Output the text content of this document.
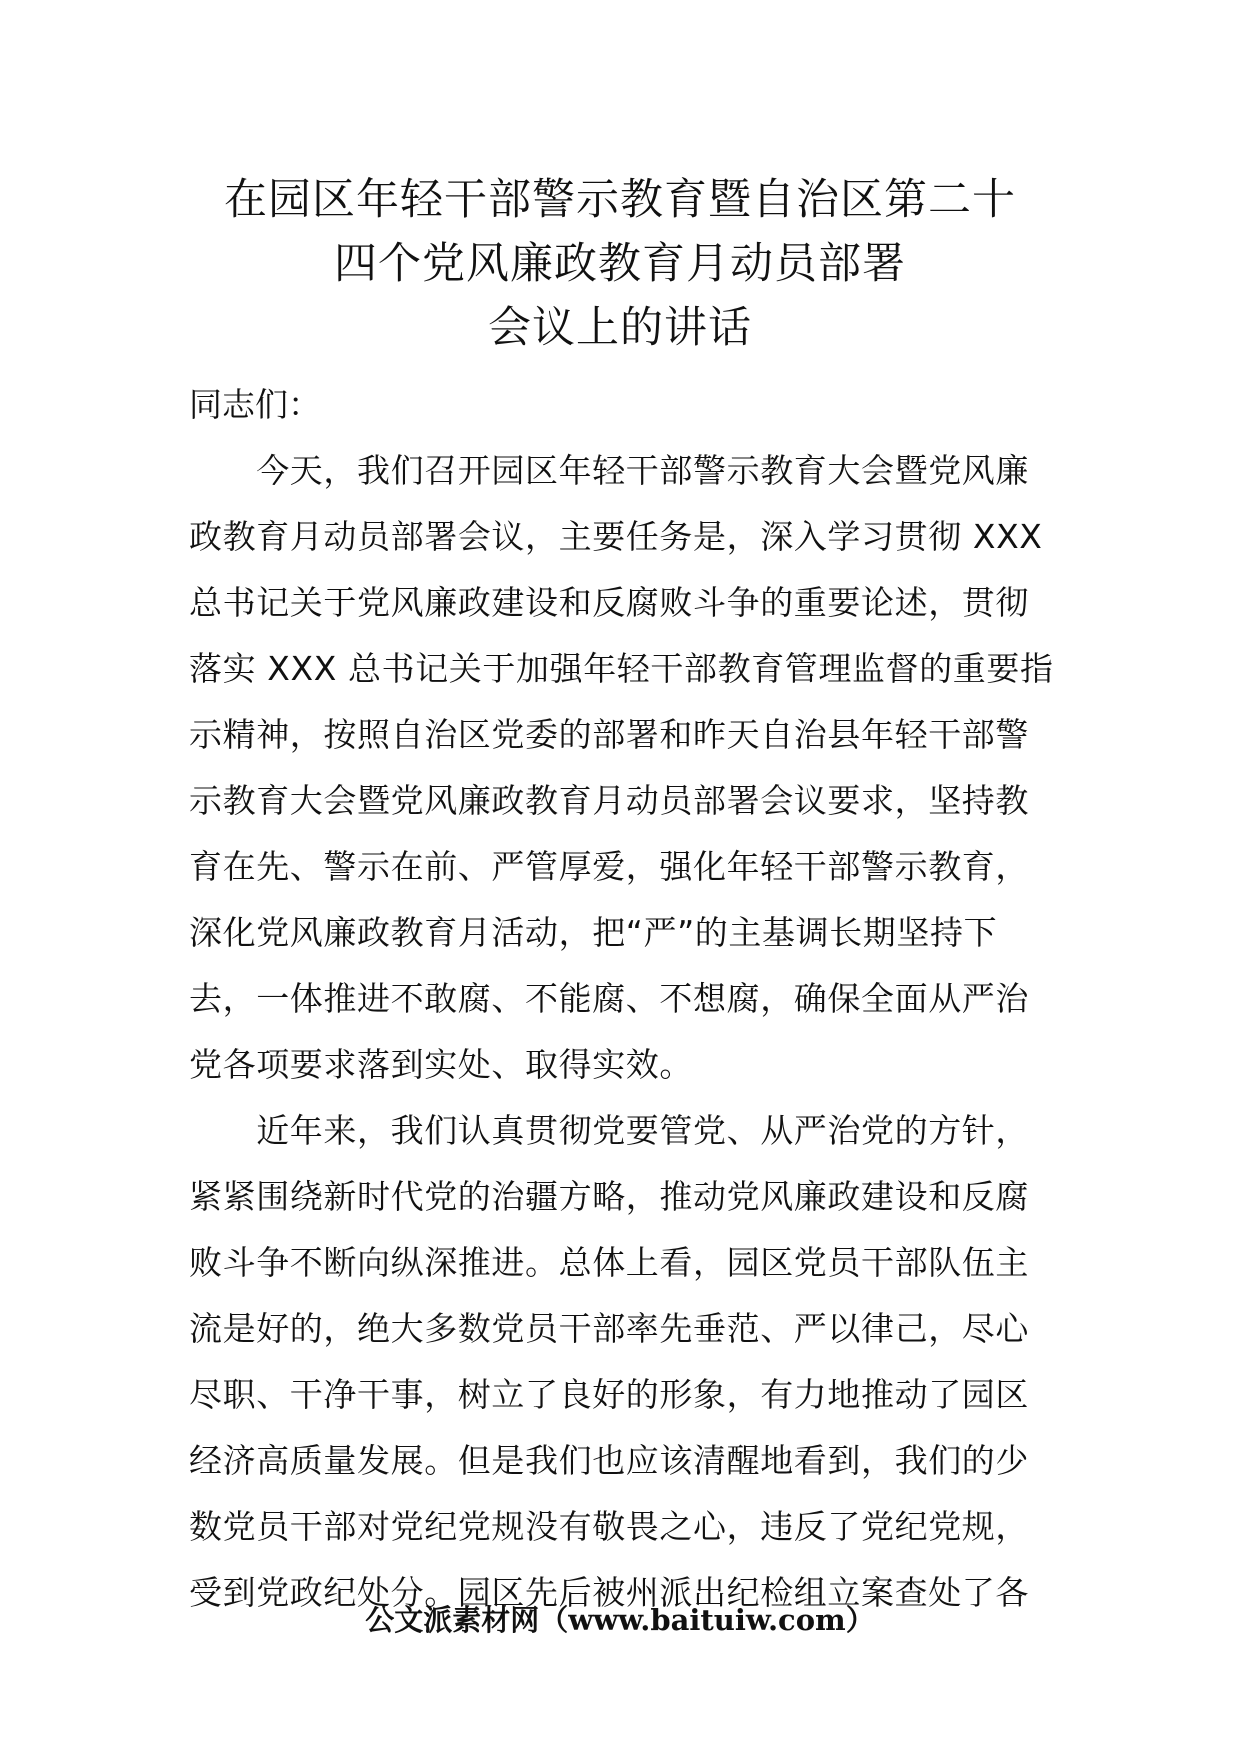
在园区年轻干部警示教育暨自治区第二十
四个党风廉政教育月动员部署
会议上的讲话
同志们：
　　今天，我们召开园区年轻干部警示教育大会暨党风廉
政教育月动员部署会议，主要任务是，深入学习贯彻 XXX
总书记关于党风廉政建设和反腐败斗争的重要论述，贯彻
落实 XXX 总书记关于加强年轻干部教育管理监督的重要指
示精神，按照自治区党委的部署和昨天自治县年轻干部警
示教育大会暨党风廉政教育月动员部署会议要求，坚持教
育在先、警示在前、严管厚爱，强化年轻干部警示教育，
深化党风廉政教育月活动，把“严”的主基调长期坚持下
去，一体推进不敢腐、不能腐、不想腐，确保全面从严治
党各项要求落到实处、取得实效。
　　近年来，我们认真贯彻党要管党、从严治党的方针，
紧紧围绕新时代党的治疆方略，推动党风廉政建设和反腐
败斗争不断向纵深推进。总体上看，园区党员干部队伍主
流是好的，绝大多数党员干部率先垂范、严以律己，尽心
尽职、干净干事，树立了良好的形象，有力地推动了园区
经济高质量发展。但是我们也应该清醒地看到，我们的少
数党员干部对党纪党规没有敬畏之心，违反了党纪党规，
受到党政纪处分。园区先后被州派出纪检组立案查处了各
公文派素材网（www.baituiw.com）
